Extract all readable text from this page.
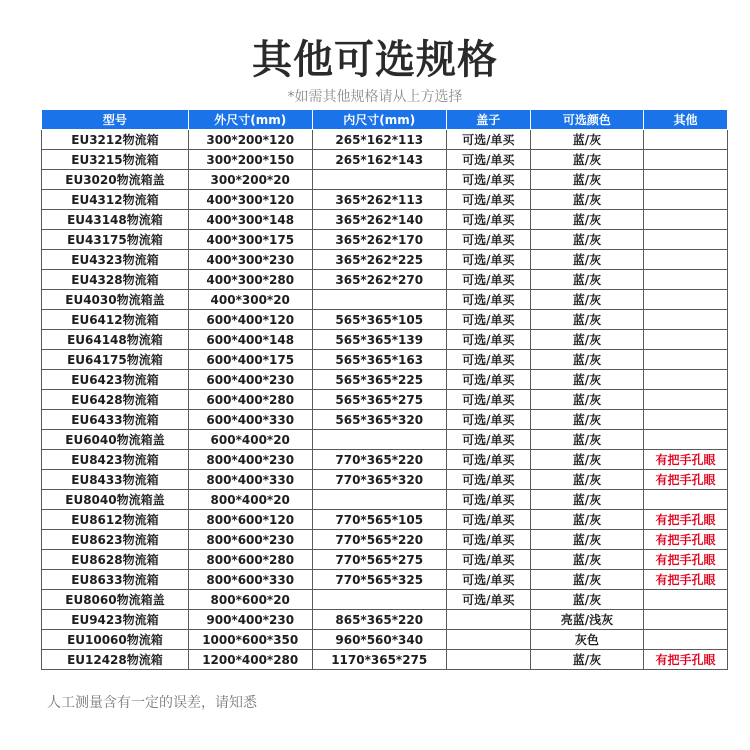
其他可选规格
*如需其他规格请从上方选择
型号	外尺寸(mm)	内尺寸(mm)	盖子	可选颜色	其他
EU3212物流箱	300*200*120	265*162*113	可选/单买	蓝/灰	
EU3215物流箱	300*200*150	265*162*143	可选/单买	蓝/灰	
EU3020物流箱盖	300*200*20		可选/单买	蓝/灰	
EU4312物流箱	400*300*120	365*262*113	可选/单买	蓝/灰	
EU43148物流箱	400*300*148	365*262*140	可选/单买	蓝/灰	
EU43175物流箱	400*300*175	365*262*170	可选/单买	蓝/灰	
EU4323物流箱	400*300*230	365*262*225	可选/单买	蓝/灰	
EU4328物流箱	400*300*280	365*262*270	可选/单买	蓝/灰	
EU4030物流箱盖	400*300*20		可选/单买	蓝/灰	
EU6412物流箱	600*400*120	565*365*105	可选/单买	蓝/灰	
EU64148物流箱	600*400*148	565*365*139	可选/单买	蓝/灰	
EU64175物流箱	600*400*175	565*365*163	可选/单买	蓝/灰	
EU6423物流箱	600*400*230	565*365*225	可选/单买	蓝/灰	
EU6428物流箱	600*400*280	565*365*275	可选/单买	蓝/灰	
EU6433物流箱	600*400*330	565*365*320	可选/单买	蓝/灰	
EU6040物流箱盖	600*400*20		可选/单买	蓝/灰	
EU8423物流箱	800*400*230	770*365*220	可选/单买	蓝/灰	有把手孔眼
EU8433物流箱	800*400*330	770*365*320	可选/单买	蓝/灰	有把手孔眼
EU8040物流箱盖	800*400*20		可选/单买	蓝/灰	
EU8612物流箱	800*600*120	770*565*105	可选/单买	蓝/灰	有把手孔眼
EU8623物流箱	800*600*230	770*565*220	可选/单买	蓝/灰	有把手孔眼
EU8628物流箱	800*600*280	770*565*275	可选/单买	蓝/灰	有把手孔眼
EU8633物流箱	800*600*330	770*565*325	可选/单买	蓝/灰	有把手孔眼
EU8060物流箱盖	800*600*20		可选/单买	蓝/灰	
EU9423物流箱	900*400*230	865*365*220		亮蓝/浅灰	
EU10060物流箱	1000*600*350	960*560*340		灰色	
EU12428物流箱	1200*400*280	1170*365*275		蓝/灰	有把手孔眼
人工测量含有一定的误差，请知悉
